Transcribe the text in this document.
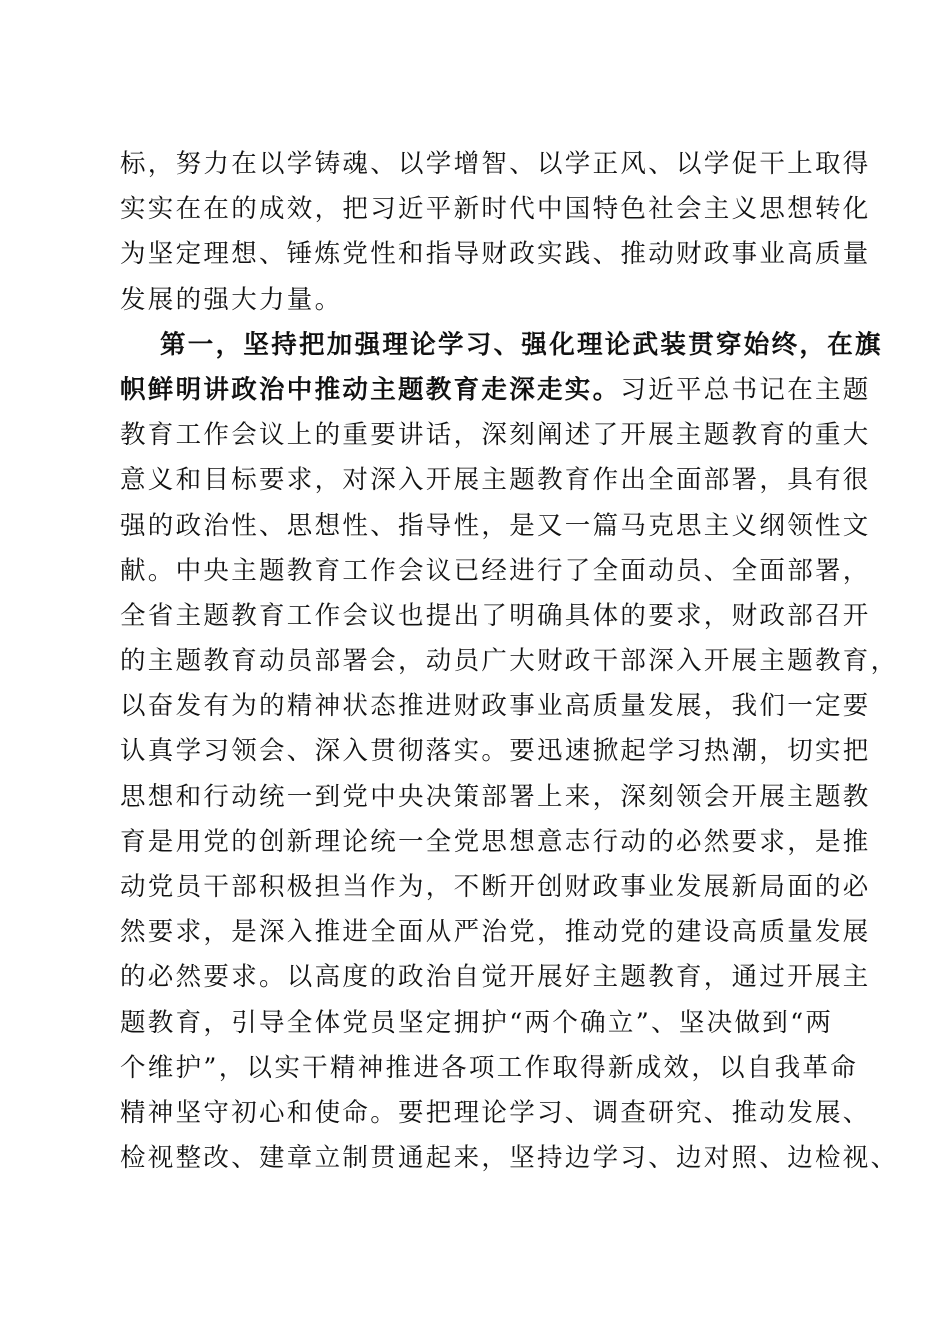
标，努力在以学铸魂、以学增智、以学正风、以学促干上取得
实实在在的成效，把习近平新时代中国特色社会主义思想转化
为坚定理想、锤炼党性和指导财政实践、推动财政事业高质量
发展的强大力量。
第一，坚持把加强理论学习、强化理论武装贯穿始终，在旗
帜鲜明讲政治中推动主题教育走深走实。习近平总书记在主题
教育工作会议上的重要讲话，深刻阐述了开展主题教育的重大
意义和目标要求，对深入开展主题教育作出全面部署，具有很
强的政治性、思想性、指导性，是又一篇马克思主义纲领性文
献。中央主题教育工作会议已经进行了全面动员、全面部署，
全省主题教育工作会议也提出了明确具体的要求，财政部召开
的主题教育动员部署会，动员广大财政干部深入开展主题教育，
以奋发有为的精神状态推进财政事业高质量发展，我们一定要
认真学习领会、深入贯彻落实。要迅速掀起学习热潮，切实把
思想和行动统一到党中央决策部署上来，深刻领会开展主题教
育是用党的创新理论统一全党思想意志行动的必然要求，是推
动党员干部积极担当作为，不断开创财政事业发展新局面的必
然要求，是深入推进全面从严治党，推动党的建设高质量发展
的必然要求。以高度的政治自觉开展好主题教育，通过开展主
题教育，引导全体党员坚定拥护“两个确立”、坚决做到“两
个维护”，以实干精神推进各项工作取得新成效，以自我革命
精神坚守初心和使命。要把理论学习、调查研究、推动发展、
检视整改、建章立制贯通起来，坚持边学习、边对照、边检视、
